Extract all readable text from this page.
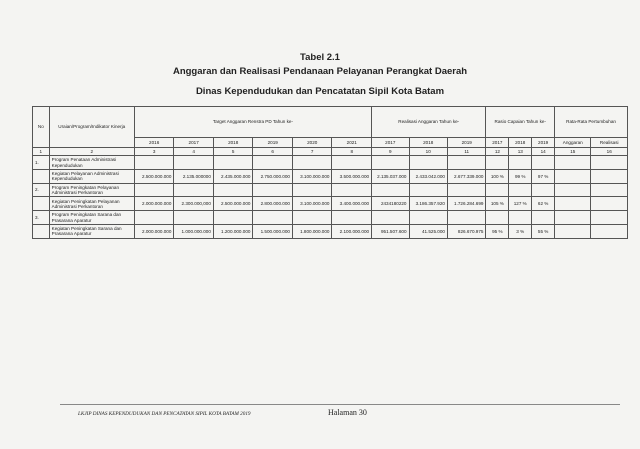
Tabel 2.1
Anggaran dan Realisasi Pendanaan Pelayanan Perangkat Daerah
Dinas Kependudukan dan Pencatatan Sipil Kota Batam
No	Uraian/Program/Indikator Kinerja	Target Anggaran Renstra PD Tahun ke-						Realisasi Anggaran Tahun ke-			Rasio Capaian Tahun ke-			Rata-Rata Pertumbuhan	
		2016	2017	2018	2019	2020	2021	2017	2018	2019	2017	2018	2019	Anggaran	Realisasi
1	2	3	4	5	6	7	8	9	10	11	12	13	14	15	16
1.	Program Penataan Administrasi Kependudukan														
	Kegiatan Pelayanan Administrasi Kependudukan	2.500.000.000	2.135.000000	2.435.000.000	2.750.000.000	3.100.000.000	3.500.000.000	2.135.037.000	2.433.042.000	2.677.339.000	100 %	99 %	97 %		
2.	Program Peningkatan Pelayanan Administrasi Perkantoran														
	Kegiatan Peningkatan Pelayanan Administrasi Perkantoran	2.000.000.000	2.300.000,000	2.500.000.000	2.800.000.000	3.100.000.000	3.400.000.000	2434180220	3.186.357.920	1.726.284.699	105 %	127 %	62 %		
3.	Program Peningkatan Sarana dan Prasarana Aparatur														
	Kegiatan Peningkatan Sarana dan Prasarana Aparatur	2.000.000.000	1.000.000.000	1.200.000.000	1.500.000.000	1.800.000.000	2.100.000.000	951.507.600	41.525.000	826.670.975	95 %	3 %	55 %		
LKJIP DINAS KEPENDUDUKAN DAN PENCATATAN SIPIL KOTA BATAM 2019	Halaman 30
